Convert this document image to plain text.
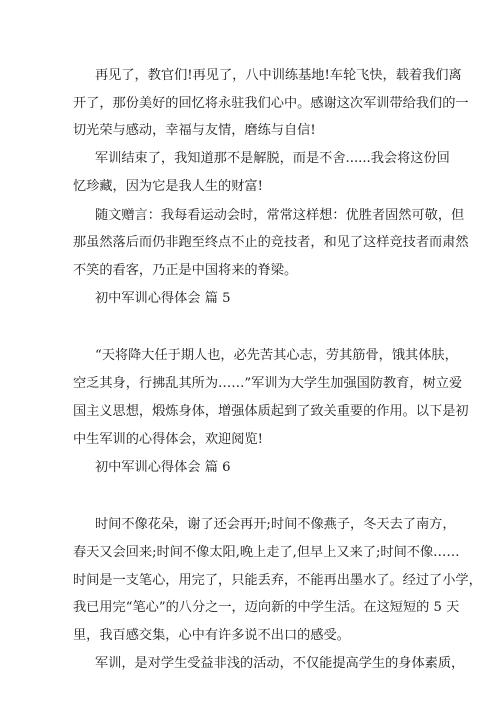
再见了，教官们!再见了，八中训练基地!车轮飞快，载着我们离
开了，那份美好的回忆将永驻我们心中。感谢这次军训带给我们的一
切光荣与感动，幸福与友情，磨练与自信!
军训结束了，我知道那不是解脱，而是不舍......我会将这份回
忆珍藏，因为它是我人生的财富!
随文赠言：我每看运动会时，常常这样想：优胜者固然可敬，但
那虽然落后而仍非跑至终点不止的竞技者，和见了这样竞技者而肃然
不笑的看客，乃正是中国将来的脊梁。
初中军训心得体会 篇 5
“天将降大任于期人也，必先苦其心志，劳其筋骨，饿其体肤，
空乏其身，行拂乱其所为……”军训为大学生加强国防教育，树立爱
国主义思想，煅炼身体，增强体质起到了致关重要的作用。以下是初
中生军训的心得体会，欢迎阅览!
初中军训心得体会 篇 6
时间不像花朵，谢了还会再开;时间不像燕子，冬天去了南方，
春天又会回来;时间不像太阳,晚上走了,但早上又来了;时间不像……
时间是一支笔心，用完了，只能丢弃，不能再出墨水了。经过了小学，
我已用完“笔心”的八分之一，迈向新的中学生活。在这短短的 5 天
里，我百感交集，心中有许多说不出口的感受。
军训，是对学生受益非浅的活动，不仅能提高学生的身体素质，
